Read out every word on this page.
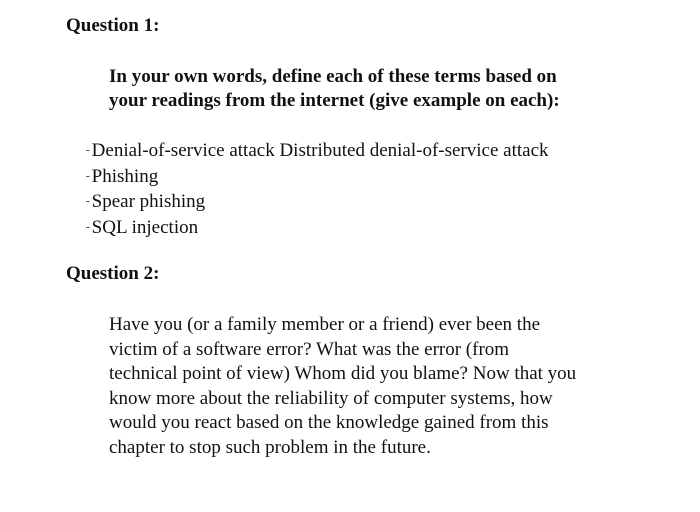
Question 1:

In your own words, define each of these terms based on
your readings from the internet (give example on each):

- Denial-of-service attack Distributed denial-of-service attack
- Phishing
- Spear phishing
- SQL injection
Question 2:

Have you (or a family member or a friend) ever been the
victim of a software error? What was the error (from
technical point of view) Whom did you blame? Now that you
know more about the reliability of computer systems, how
would you react based on the knowledge gained from this
chapter to stop such problem in the future.
